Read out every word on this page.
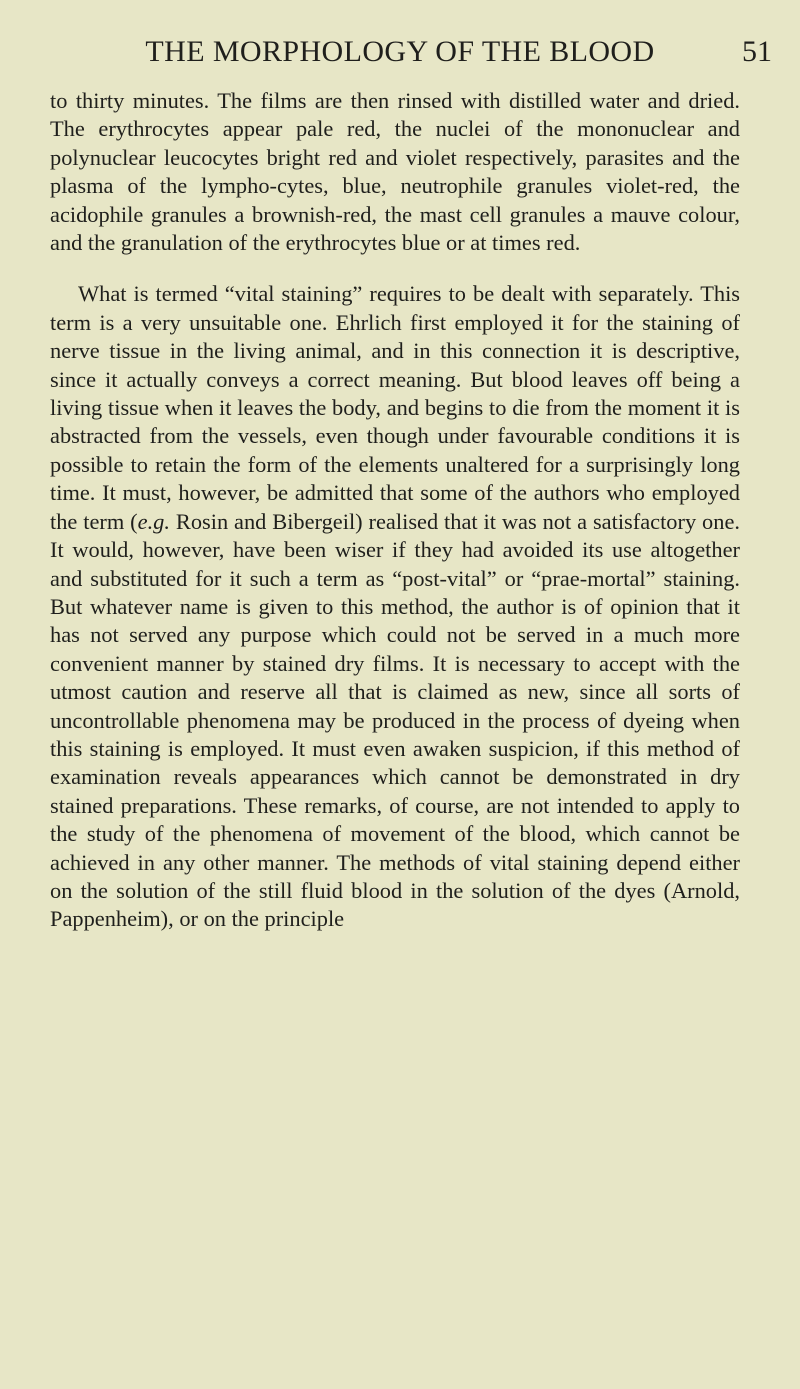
THE MORPHOLOGY OF THE BLOOD	51

to thirty minutes. The films are then rinsed with distilled water and dried. The erythrocytes appear pale red, the nuclei of the mononuclear and polynuclear leucocytes bright red and violet respectively, parasites and the plasma of the lympho-cytes, blue, neutrophile granules violet-red, the acidophile granules a brownish-red, the mast cell granules a mauve colour, and the granulation of the erythrocytes blue or at times red.

What is termed “vital staining” requires to be dealt with separately. This term is a very unsuitable one. Ehrlich first employed it for the staining of nerve tissue in the living animal, and in this connection it is descriptive, since it actually conveys a correct meaning. But blood leaves off being a living tissue when it leaves the body, and begins to die from the moment it is abstracted from the vessels, even though under favourable conditions it is possible to retain the form of the elements unaltered for a surprisingly long time. It must, however, be admitted that some of the authors who employed the term (e.g. Rosin and Bibergeil) realised that it was not a satisfactory one. It would, however, have been wiser if they had avoided its use altogether and substituted for it such a term as “post-vital” or “prae-mortal” staining. But whatever name is given to this method, the author is of opinion that it has not served any purpose which could not be served in a much more convenient manner by stained dry films. It is necessary to accept with the utmost caution and reserve all that is claimed as new, since all sorts of uncontrollable phenomena may be produced in the process of dyeing when this staining is employed. It must even awaken suspicion, if this method of examination reveals appearances which cannot be demonstrated in dry stained preparations. These remarks, of course, are not intended to apply to the study of the phenomena of movement of the blood, which cannot be achieved in any other manner. The methods of vital staining depend either on the solution of the still fluid blood in the solution of the dyes (Arnold, Pappenheim), or on the principle
